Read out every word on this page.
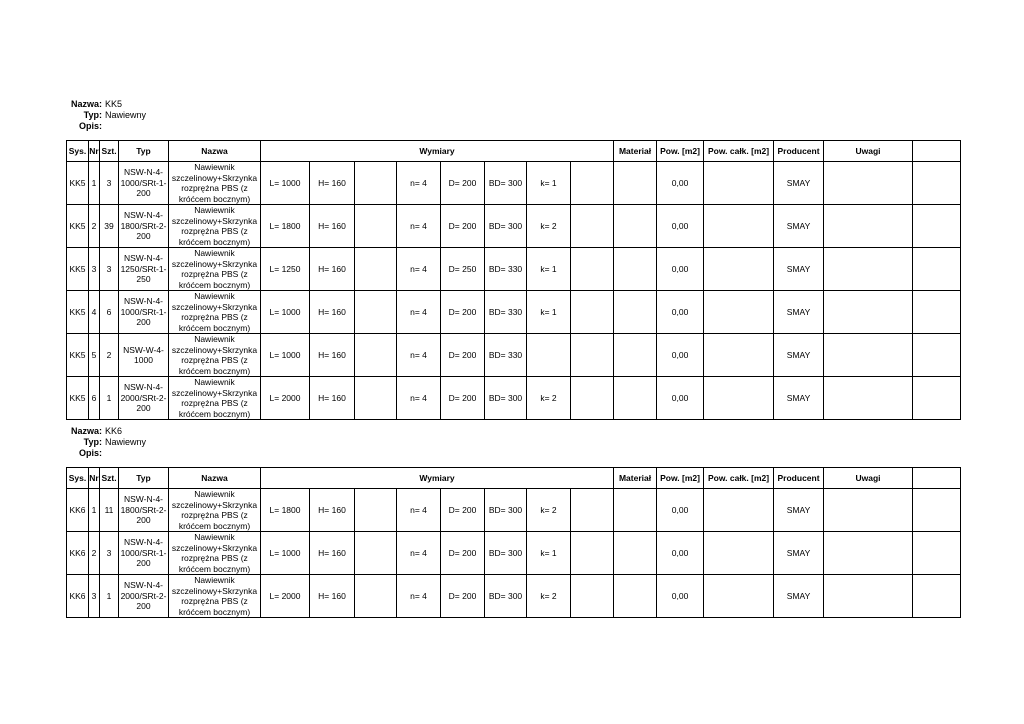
Nazwa: KK5
Typ: Nawiewny
Opis:
Sys.	Nr	Szt.	Typ	Nazwa	Wymiary								Materiał	Pow. [m2]	Pow. całk. [m2]	Producent	Uwagi	
KK5	1	3	NSW-N-4-1000/SRt-1-200	Nawiewnik szczelinowy+Skrzynka rozprężna PBS (z króćcem bocznym)	L= 1000	H= 160		n= 4	D= 200	BD= 300	k= 1			0,00		SMAY		
KK5	2	39	NSW-N-4-1800/SRt-2-200	Nawiewnik szczelinowy+Skrzynka rozprężna PBS (z króćcem bocznym)	L= 1800	H= 160		n= 4	D= 200	BD= 300	k= 2			0,00		SMAY		
KK5	3	3	NSW-N-4-1250/SRt-1-250	Nawiewnik szczelinowy+Skrzynka rozprężna PBS (z króćcem bocznym)	L= 1250	H= 160		n= 4	D= 250	BD= 330	k= 1			0,00		SMAY		
KK5	4	6	NSW-N-4-1000/SRt-1-200	Nawiewnik szczelinowy+Skrzynka rozprężna PBS (z króćcem bocznym)	L= 1000	H= 160		n= 4	D= 200	BD= 330	k= 1			0,00		SMAY		
KK5	5	2	NSW-W-4-1000	Nawiewnik szczelinowy+Skrzynka rozprężna PBS (z króćcem bocznym)	L= 1000	H= 160		n= 4	D= 200	BD= 330				0,00		SMAY		
KK5	6	1	NSW-N-4-2000/SRt-2-200	Nawiewnik szczelinowy+Skrzynka rozprężna PBS (z króćcem bocznym)	L= 2000	H= 160		n= 4	D= 200	BD= 300	k= 2			0,00		SMAY		
Nazwa: KK6
Typ: Nawiewny
Opis:
Sys.	Nr	Szt.	Typ	Nazwa	Wymiary								Materiał	Pow. [m2]	Pow. całk. [m2]	Producent	Uwagi	
KK6	1	11	NSW-N-4-1800/SRt-2-200	Nawiewnik szczelinowy+Skrzynka rozprężna PBS (z króćcem bocznym)	L= 1800	H= 160		n= 4	D= 200	BD= 300	k= 2			0,00		SMAY		
KK6	2	3	NSW-N-4-1000/SRt-1-200	Nawiewnik szczelinowy+Skrzynka rozprężna PBS (z króćcem bocznym)	L= 1000	H= 160		n= 4	D= 200	BD= 300	k= 1			0,00		SMAY		
KK6	3	1	NSW-N-4-2000/SRt-2-200	Nawiewnik szczelinowy+Skrzynka rozprężna PBS (z króćcem bocznym)	L= 2000	H= 160		n= 4	D= 200	BD= 300	k= 2			0,00		SMAY		
